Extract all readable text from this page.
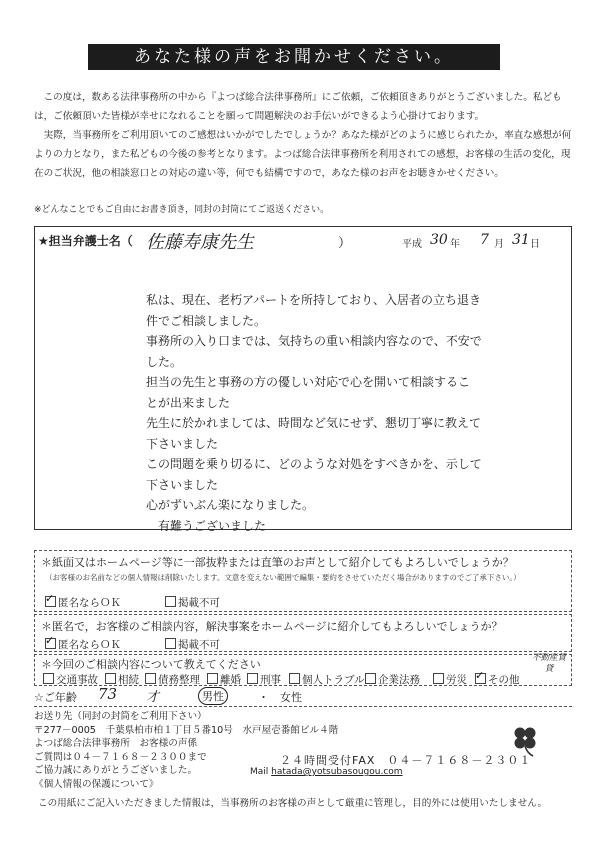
あなた様の声をお聞かせください。

この度は，数ある法律事務所の中から『よつば総合法律事務所』にご依頼，ご依頼頂きありがとうございました。私どもは，ご依頼頂いた皆様が幸せになれることを願って問題解決のお手伝いができるよう心掛けております。

実際，当事務所をご利用頂いてのご感想はいかがでしたでしょうか？あなた様がどのように感じられたか，率直な感想が何よりの力となり，また私どもの今後の参考となります。よつば総合法律事務所を利用されての感想，お客様の生活の変化，現在のご状況，他の相談窓口との対応の違い等，何でも結構ですので，あなた様のお声をお聴きかせください。

※どんなことでもご自由にお書き頂き，同封の封筒にてご返送ください。
★担当弁護士名（ 佐藤寿康先生	）	平成 30 年 7 月 31 日
私は、現在、老朽アパートを所持しており、入居者の立ち退き
件でご相談しました。
事務所の入り口までは、気持ちの重い相談内容なので、不安で
した。
担当の先生と事務の方の優しい対応で心を開いて相談するこ
とが出来ました
先生に於かれましては、時間など気にせず、懇切丁寧に教えて
下さいました
この問題を乗り切るに、どのような対処をすべきかを、示して
下さいました
心がずいぶん楽になりました。
　有難うございました
＊紙面又はホームページ等に一部抜粋または直筆のお声として紹介してもよろしいでしょうか？
（お客様のお名前などの個人情報は削除いたします。文意を変えない範囲で編集・要約をさせていただく場合がありますのでご了承下さい。）
✓匿名ならＯＫ	掲載不可
＊匿名で，お客様のご相談内容，解決事案をホームページに紹介してもよろしいでしょうか？
✓匿名ならＯＫ	掲載不可
＊今回のご相談内容について教えてください
交通事故	相続	債務整理	離婚	刑事	個人トラブル	企業法務	労災
✓	その他
不動産賃貸
☆ご年齢 73 才	男性	・ 女性
お送り先（同封の封筒をご利用下さい）
〒277－0005　千葉県柏市柏１丁目５番10号　水戸屋壱番館ビル４階
よつば総合法律事務所　お客様の声係
ご質問は０４－７１６８－２３００まで
ご協力誠にありがとうございました。
《個人情報の保護について》
２４時間受付FAX　０４－７１６８－２３０１
Mail hatada@yotsubasougou.com
この用紙にご記入いただきました情報は，当事務所のお客様の声として厳重に管理し，目的外には使用いたしません。
